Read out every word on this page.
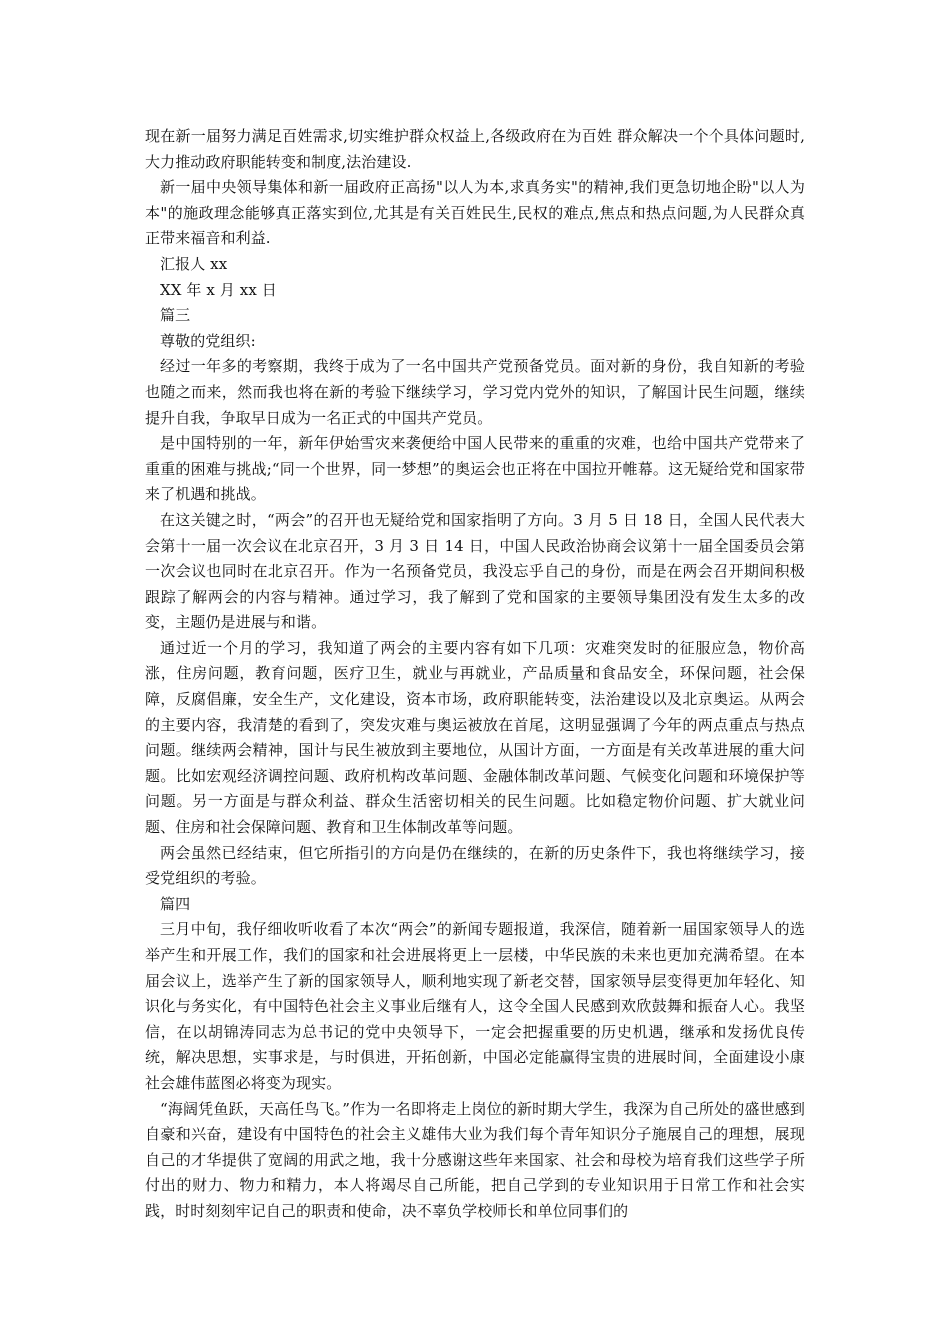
现在新一届努力满足百姓需求,切实维护群众权益上,各级政府在为百姓 群众解决一个个具体问题时,大力推动政府职能转变和制度,法治建设.

新一届中央领导集体和新一届政府正高扬"以人为本,求真务实"的精神,我们更急切地企盼"以人为本"的施政理念能够真正落实到位,尤其是有关百姓民生,民权的难点,焦点和热点问题,为人民群众真正带来福音和利益.

汇报人 xx

XX 年 x 月 xx 日

篇三

尊敬的党组织:

经过一年多的考察期，我终于成为了一名中国共产党预备党员。面对新的身份，我自知新的考验也随之而来，然而我也将在新的考验下继续学习，学习党内党外的知识，了解国计民生问题，继续提升自我，争取早日成为一名正式的中国共产党员。

是中国特别的一年，新年伊始雪灾来袭便给中国人民带来的重重的灾难，也给中国共产党带来了重重的困难与挑战;“同一个世界，同一梦想”的奥运会也正将在中国拉开帷幕。这无疑给党和国家带来了机遇和挑战。

在这关键之时，“两会”的召开也无疑给党和国家指明了方向。3 月 5 日 18 日，全国人民代表大会第十一届一次会议在北京召开，3 月 3 日 14 日，中国人民政治协商会议第十一届全国委员会第一次会议也同时在北京召开。作为一名预备党员，我没忘乎自己的身份，而是在两会召开期间积极跟踪了解两会的内容与精神。通过学习，我了解到了党和国家的主要领导集团没有发生太多的改变，主题仍是进展与和谐。

通过近一个月的学习，我知道了两会的主要内容有如下几项：灾难突发时的征服应急，物价高涨，住房问题，教育问题，医疗卫生，就业与再就业，产品质量和食品安全，环保问题，社会保障，反腐倡廉，安全生产，文化建设，资本市场，政府职能转变，法治建设以及北京奥运。从两会的主要内容，我清楚的看到了，突发灾难与奥运被放在首尾，这明显强调了今年的两点重点与热点问题。继续两会精神，国计与民生被放到主要地位，从国计方面，一方面是有关改革进展的重大问题。比如宏观经济调控问题、政府机构改革问题、金融体制改革问题、气候变化问题和环境保护等问题。另一方面是与群众利益、群众生活密切相关的民生问题。比如稳定物价问题、扩大就业问题、住房和社会保障问题、教育和卫生体制改革等问题。

两会虽然已经结束，但它所指引的方向是仍在继续的，在新的历史条件下，我也将继续学习，接受党组织的考验。

篇四

三月中旬，我仔细收听收看了本次“两会”的新闻专题报道，我深信，随着新一届国家领导人的选举产生和开展工作，我们的国家和社会进展将更上一层楼，中华民族的未来也更加充满希望。在本届会议上，选举产生了新的国家领导人，顺利地实现了新老交替，国家领导层变得更加年轻化、知识化与务实化，有中国特色社会主义事业后继有人，这令全国人民感到欢欣鼓舞和振奋人心。我坚信，在以胡锦涛同志为总书记的党中央领导下，一定会把握重要的历史机遇，继承和发扬优良传统，解决思想，实事求是，与时俱进，开拓创新，中国必定能赢得宝贵的进展时间，全面建设小康社会雄伟蓝图必将变为现实。

“海阔凭鱼跃，天高任鸟飞。”作为一名即将走上岗位的新时期大学生，我深为自己所处的盛世感到自豪和兴奋，建设有中国特色的社会主义雄伟大业为我们每个青年知识分子施展自己的理想，展现自己的才华提供了宽阔的用武之地，我十分感谢这些年来国家、社会和母校为培育我们这些学子所付出的财力、物力和精力，本人将竭尽自己所能，把自己学到的专业知识用于日常工作和社会实践，时时刻刻牢记自己的职责和使命，决不辜负学校师长和单位同事们的
